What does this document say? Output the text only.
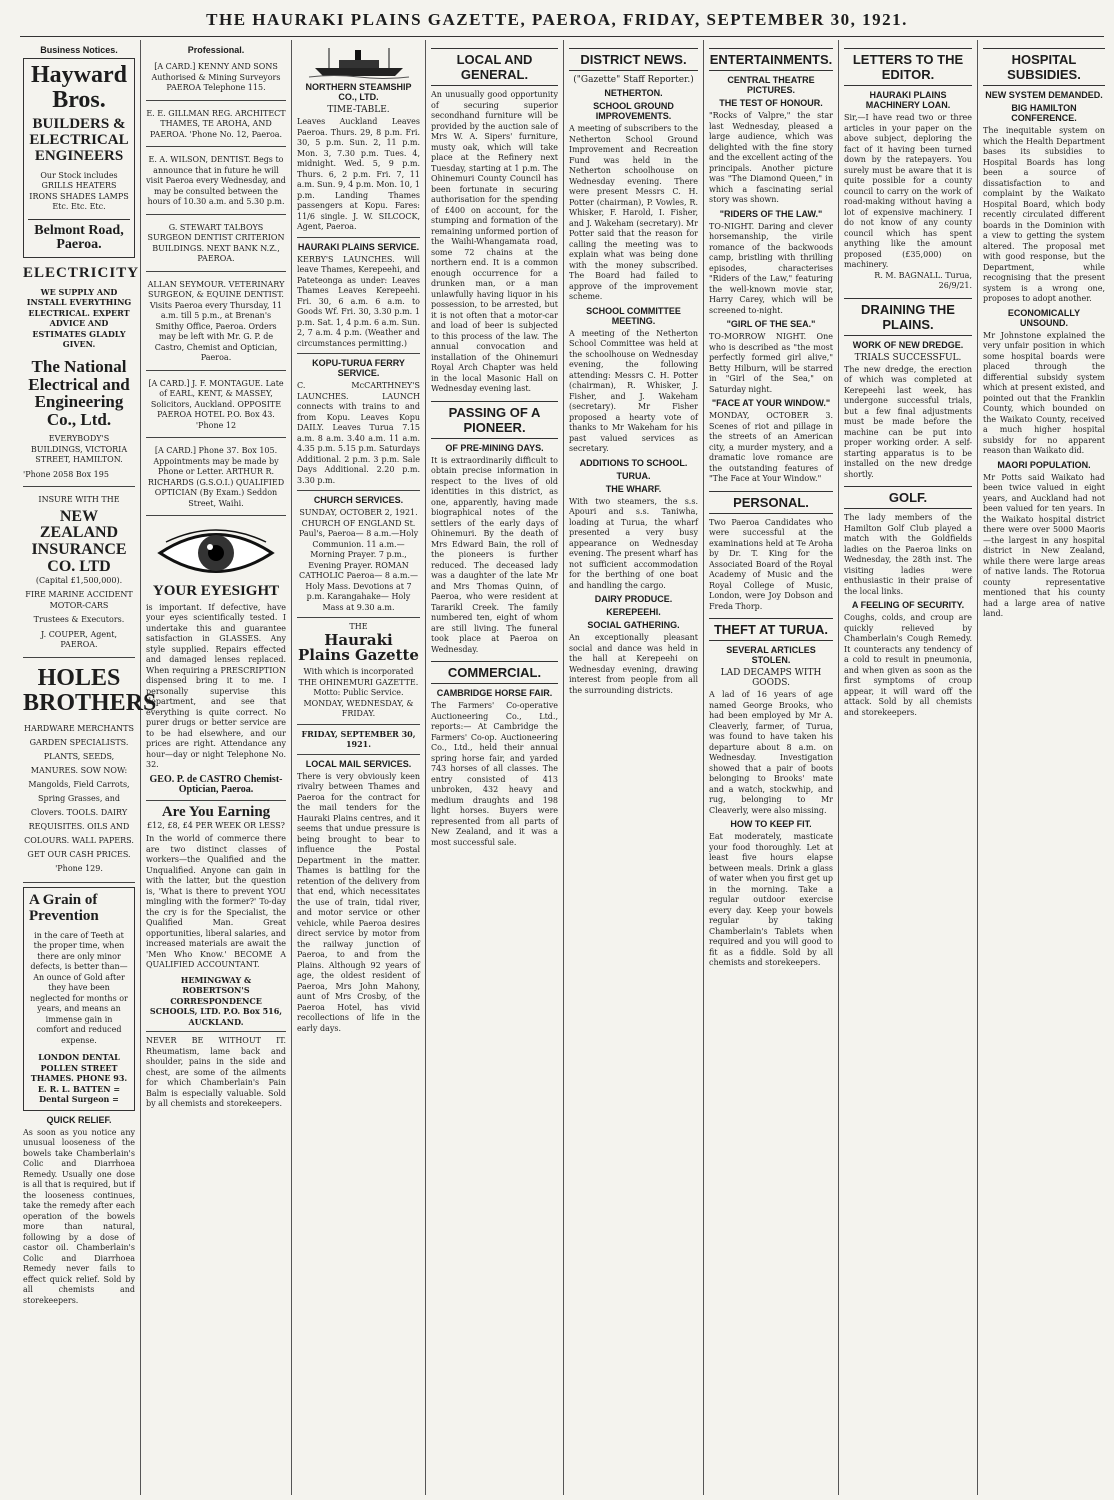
THE HAURAKI PLAINS GAZETTE, PAEROA, FRIDAY, SEPTEMBER 30, 1921.
Business Notices.
Hayward Bros.
BUILDERS & ELECTRICAL ENGINEERS
Our Stock includes GRILLS HEATERS IRONS SHADES LAMPS Etc. Etc. Etc.
Belmont Road, Paeroa.
ELECTRICITY
WE SUPPLY AND INSTALL EVERYTHING ELECTRICAL. EXPERT ADVICE AND ESTIMATES GLADLY GIVEN.
The National Electrical and Engineering Co., Ltd.
EVERYBODY'S BUILDINGS, VICTORIA STREET, HAMILTON.
'Phone 2058 Box 195
INSURE WITH THE
NEW ZEALAND INSURANCE CO. LTD
(Capital £1,500,000).
FIRE MARINE ACCIDENT MOTOR-CARS
Trustees & Executors.
J. COUPER, Agent, PAEROA.
HOLES BROTHERS
HARDWARE MERCHANTS GARDEN SPECIALISTS. PLANTS, SEEDS, MANURES. SOW NOW: Mangolds, Field Carrots, Spring Grasses, and Clovers. TOOLS. DAIRY REQUISITES. OILS AND COLOURS. WALL PAPERS. GET OUR CASH PRICES. 'Phone 129.
A Grain of Prevention
in the care of Teeth at the proper time, when there are only minor defects, is better than— An ounce of Gold after they have been neglected for months or years, and means an immense gain in comfort and reduced expense.
LONDON DENTAL POLLEN STREET THAMES. PHONE 93. E. R. L. BATTEN = Dental Surgeon =
QUICK RELIEF.
As soon as you notice any unusual looseness of the bowels take Chamberlain's Colic and Diarrhoea Remedy. Usually one dose is all that is required, but if the looseness continues, take the remedy after each operation of the bowels more than natural, following by a dose of castor oil. Chamberlain's Colic and Diarrhoea Remedy never fails to effect quick relief. Sold by all chemists and storekeepers.
Professional.
[A CARD.] KENNY AND SONS Authorised & Mining Surveyors PAEROA Telephone 115.
E. E. GILLMAN REG. ARCHITECT THAMES, TE AROHA, AND PAEROA. 'Phone No. 12, Paeroa.
E. A. WILSON, DENTIST. Begs to announce that in future he will visit Paeroa every Wednesday, and may be consulted between the hours of 10.30 a.m. and 5.30 p.m.
G. STEWART TALBOYS SURGEON DENTIST CRITERION BUILDINGS. NEXT BANK N.Z., PAEROA.
ALLAN SEYMOUR. VETERINARY SURGEON, & EQUINE DENTIST. Visits Paeroa every Thursday, 11 a.m. till 5 p.m., at Brenan's Smithy Office, Paeroa. Orders may be left with Mr. G. P. de Castro, Chemist and Optician, Paeroa.
[A CARD.] J. F. MONTAGUE. Late of EARL, KENT, & MASSEY, Solicitors, Auckland. OPPOSITE PAEROA HOTEL P.O. Box 43. 'Phone 12
[A CARD.] Phone 37. Box 105. Appointments may be made by Phone or Letter. ARTHUR R. RICHARDS (G.S.O.I.) QUALIFIED OPTICIAN (By Exam.) Seddon Street, Waihi.
YOUR EYESIGHT
is important. If defective, have your eyes scientifically tested. I undertake this and guarantee satisfaction in GLASSES. Any style supplied. Repairs effected and damaged lenses replaced. When requiring a PRESCRIPTION dispensed bring it to me. I personally supervise this department, and see that everything is quite correct. No purer drugs or better service are to be had elsewhere, and our prices are right. Attendance any hour—day or night Telephone No. 32.
GEO. P. de CASTRO Chemist-Optician, Paeroa.
Are You Earning
£12, £8, £4 PER WEEK OR LESS?
In the world of commerce there are two distinct classes of workers—the Qualified and the Unqualified. Anyone can gain in with the latter, but the question is, 'What is there to prevent YOU mingling with the former?' To-day the cry is for the Specialist, the Qualified Man. Great opportunities, liberal salaries, and increased materials are await the 'Men Who Know.' BECOME A QUALIFIED ACCOUNTANT.
HEMINGWAY & ROBERTSON'S CORRESPONDENCE SCHOOLS, LTD. P.O. Box 516, AUCKLAND.
NEVER BE WITHOUT IT. Rheumatism, lame back and shoulder, pains in the side and chest, are some of the ailments for which Chamberlain's Pain Balm is especially valuable. Sold by all chemists and storekeepers.
NORTHERN STEAMSHIP CO., LTD.
TIME-TABLE.
Leaves Auckland Leaves Paeroa. Thurs. 29, 8 p.m. Fri. 30, 5 p.m. Sun. 2, 11 p.m. Mon. 3, 7.30 p.m. Tues. 4, midnight. Wed. 5, 9 p.m. Thurs. 6, 2 p.m. Fri. 7, 11 a.m. Sun. 9, 4 p.m. Mon. 10, 1 p.m. Landing Thames passengers at Kopu. Fares: 11/6 single. J. W. SILCOCK, Agent, Paeroa.
HAURAKI PLAINS SERVICE.
KERBY'S LAUNCHES. Will leave Thames, Kerepeehi, and Pateteonga as under: Leaves Thames Leaves Kerepeehi. Fri. 30, 6 a.m. 6 a.m. to Goods Wf. Fri. 30, 3.30 p.m. 1 p.m. Sat. 1, 4 p.m. 6 a.m. Sun. 2, 7 a.m. 4 p.m. (Weather and circumstances permitting.)
KOPU-TURUA FERRY SERVICE.
C. McCARTHNEY'S LAUNCHES. LAUNCH connects with trains to and from Kopu. Leaves Kopu DAILY. Leaves Turua 7.15 a.m. 8 a.m. 3.40 a.m. 11 a.m. 4.35 p.m. 5.15 p.m. Saturdays Additional. 2 p.m. 3 p.m. Sale Days Additional. 2.20 p.m. 3.30 p.m.
CHURCH SERVICES.
SUNDAY, OCTOBER 2, 1921. CHURCH OF ENGLAND St. Paul's, Paeroa— 8 a.m.—Holy Communion. 11 a.m.—Morning Prayer. 7 p.m., Evening Prayer. ROMAN CATHOLIC Paeroa— 8 a.m.—Holy Mass. Devotions at 7 p.m. Karangahake— Holy Mass at 9.30 a.m.
THE
Hauraki Plains Gazette
With which is incorporated THE OHINEMURI GAZETTE. Motto: Public Service. MONDAY, WEDNESDAY, & FRIDAY.
FRIDAY, SEPTEMBER 30, 1921.
LOCAL MAIL SERVICES.
There is very obviously keen rivalry between Thames and Paeroa for the contract for the mail tenders for the Hauraki Plains centres, and it seems that undue pressure is being brought to bear to influence the Postal Department in the matter. Thames is battling for the retention of the delivery from that end, which necessitates the use of train, tidal river, and motor service or other vehicle, while Paeroa desires direct service by motor from the railway junction of Paeroa, to and from the Plains. Although 92 years of age, the oldest resident of Paeroa, Mrs John Mahony, aunt of Mrs Crosby, of the Paeroa Hotel, has vivid recollections of life in the early days.
LOCAL AND GENERAL.
An unusually good opportunity of securing superior secondhand furniture will be provided by the auction sale of Mrs W. A. Sipers' furniture, musty oak, which will take place at the Refinery next Tuesday, starting at 1 p.m. The Ohinemuri County Council has been fortunate in securing authorisation for the spending of £400 on account, for the stumping and formation of the remaining unformed portion of the Waihi-Whangamata road, some 72 chains at the northern end. It is a common enough occurrence for a drunken man, or a man unlawfully having liquor in his possession, to be arrested, but it is not often that a motor-car and load of beer is subjected to this process of the law. The annual convocation and installation of the Ohinemuri Royal Arch Chapter was held in the local Masonic Hall on Wednesday evening last.
PASSING OF A PIONEER.
OF PRE-MINING DAYS.
It is extraordinarily difficult to obtain precise information in respect to the lives of old identities in this district, as one, apparently, having made biographical notes of the settlers of the early days of Ohinemuri. By the death of Mrs Edward Bain, the roll of the pioneers is further reduced. The deceased lady was a daughter of the late Mr and Mrs Thomas Quinn, of Paeroa, who were resident at Tararikl Creek. The family numbered ten, eight of whom are still living. The funeral took place at Paeroa on Wednesday.
COMMERCIAL.
CAMBRIDGE HORSE FAIR.
The Farmers' Co-operative Auctioneering Co., Ltd., reports:— At Cambridge the Farmers' Co-op. Auctioneering Co., Ltd., held their annual spring horse fair, and yarded 743 horses of all classes. The entry consisted of 413 unbroken, 432 heavy and medium draughts and 198 light horses. Buyers were represented from all parts of New Zealand, and it was a most successful sale.
DISTRICT NEWS.
("Gazette" Staff Reporter.)
NETHERTON.
SCHOOL GROUND IMPROVEMENTS.
A meeting of subscribers to the Netherton School Ground Improvement and Recreation Fund was held in the Netherton schoolhouse on Wednesday evening. There were present Messrs C. H. Potter (chairman), P. Vowles, R. Whisker, F. Harold, I. Fisher, and J. Wakeham (secretary). Mr Potter said that the reason for calling the meeting was to explain what was being done with the money subscribed. The Board had failed to approve of the improvement scheme.
SCHOOL COMMITTEE MEETING.
A meeting of the Netherton School Committee was held at the schoolhouse on Wednesday evening, the following attending: Messrs C. H. Potter (chairman), R. Whisker, J. Fisher, and J. Wakeham (secretary). Mr Fisher proposed a hearty vote of thanks to Mr Wakeham for his past valued services as secretary.
ADDITIONS TO SCHOOL.
TURUA.
THE WHARF.
With two steamers, the s.s. Apouri and s.s. Taniwha, loading at Turua, the wharf presented a very busy appearance on Wednesday evening. The present wharf has not sufficient accommodation for the berthing of one boat and handling the cargo.
DAIRY PRODUCE.
KEREPEEHI.
SOCIAL GATHERING.
An exceptionally pleasant social and dance was held in the hall at Kerepeehi on Wednesday evening, drawing interest from people from all the surrounding districts.
ENTERTAINMENTS.
CENTRAL THEATRE PICTURES.
THE TEST OF HONOUR.
"Rocks of Valpre," the star last Wednesday, pleased a large audience, which was delighted with the fine story and the excellent acting of the principals. Another picture was "The Diamond Queen," in which a fascinating serial story was shown.
"RIDERS OF THE LAW."
TO-NIGHT. Daring and clever horsemanship, the virile romance of the backwoods camp, bristling with thrilling episodes, characterises "Riders of the Law," featuring the well-known movie star, Harry Carey, which will be screened to-night.
"GIRL OF THE SEA."
TO-MORROW NIGHT. One who is described as "the most perfectly formed girl alive," Betty Hilburn, will be starred in "Girl of the Sea," on Saturday night.
"FACE AT YOUR WINDOW."
MONDAY, OCTOBER 3. Scenes of riot and pillage in the streets of an American city, a murder mystery, and a dramatic love romance are the outstanding features of "The Face at Your Window."
PERSONAL.
Two Paeroa Candidates who were successful at the examinations held at Te Aroha by Dr. T. King for the Associated Board of the Royal Academy of Music and the Royal College of Music, London, were Joy Dobson and Freda Thorp.
THEFT AT TURUA.
SEVERAL ARTICLES STOLEN.
LAD DECAMPS WITH GOODS.
A lad of 16 years of age named George Brooks, who had been employed by Mr A. Cleaverly, farmer, of Turua, was found to have taken his departure about 8 a.m. on Wednesday. Investigation showed that a pair of boots belonging to Brooks' mate and a watch, stockwhip, and rug, belonging to Mr Cleaverly, were also missing.
HOW TO KEEP FIT.
Eat moderately, masticate your food thoroughly. Let at least five hours elapse between meals. Drink a glass of water when you first get up in the morning. Take a regular outdoor exercise every day. Keep your bowels regular by taking Chamberlain's Tablets when required and you will good to fit as a fiddle. Sold by all chemists and storekeepers.
LETTERS TO THE EDITOR.
HAURAKI PLAINS MACHINERY LOAN.
Sir,—I have read two or three articles in your paper on the above subject, deploring the fact of it having been turned down by the ratepayers. You surely must be aware that it is quite possible for a county council to carry on the work of road-making without having a lot of expensive machinery. I do not know of any county council which has spent anything like the amount proposed (£35,000) on machinery.
R. M. BAGNALL. Turua, 26/9/21.
DRAINING THE PLAINS.
WORK OF NEW DREDGE.
TRIALS SUCCESSFUL.
The new dredge, the erection of which was completed at Kerepeehi last week, has undergone successful trials, but a few final adjustments must be made before the machine can be put into proper working order. A self-starting apparatus is to be installed on the new dredge shortly.
GOLF.
The lady members of the Hamilton Golf Club played a match with the Goldfields ladies on the Paeroa links on Wednesday, the 28th inst. The visiting ladies were enthusiastic in their praise of the local links.
A FEELING OF SECURITY.
Coughs, colds, and croup are quickly relieved by Chamberlain's Cough Remedy. It counteracts any tendency of a cold to result in pneumonia, and when given as soon as the first symptoms of croup appear, it will ward off the attack. Sold by all chemists and storekeepers.
HOSPITAL SUBSIDIES.
NEW SYSTEM DEMANDED.
BIG HAMILTON CONFERENCE.
The inequitable system on which the Health Department bases its subsidies to Hospital Boards has long been a source of dissatisfaction to and complaint by the Waikato Hospital Board, which body recently circulated different boards in the Dominion with a view to getting the system altered. The proposal met with good response, but the Department, while recognising that the present system is a wrong one, proposes to adopt another.
ECONOMICALLY UNSOUND.
Mr Johnstone explained the very unfair position in which some hospital boards were placed through the differential subsidy system which at present existed, and pointed out that the Franklin County, which bounded on the Waikato County, received a much higher hospital subsidy for no apparent reason than Waikato did.
MAORI POPULATION.
Mr Potts said Waikato had been twice valued in eight years, and Auckland had not been valued for ten years. In the Waikato hospital district there were over 5000 Maoris—the largest in any hospital district in New Zealand, while there were large areas of native lands. The Rotorua county representative mentioned that his county had a large area of native land.
